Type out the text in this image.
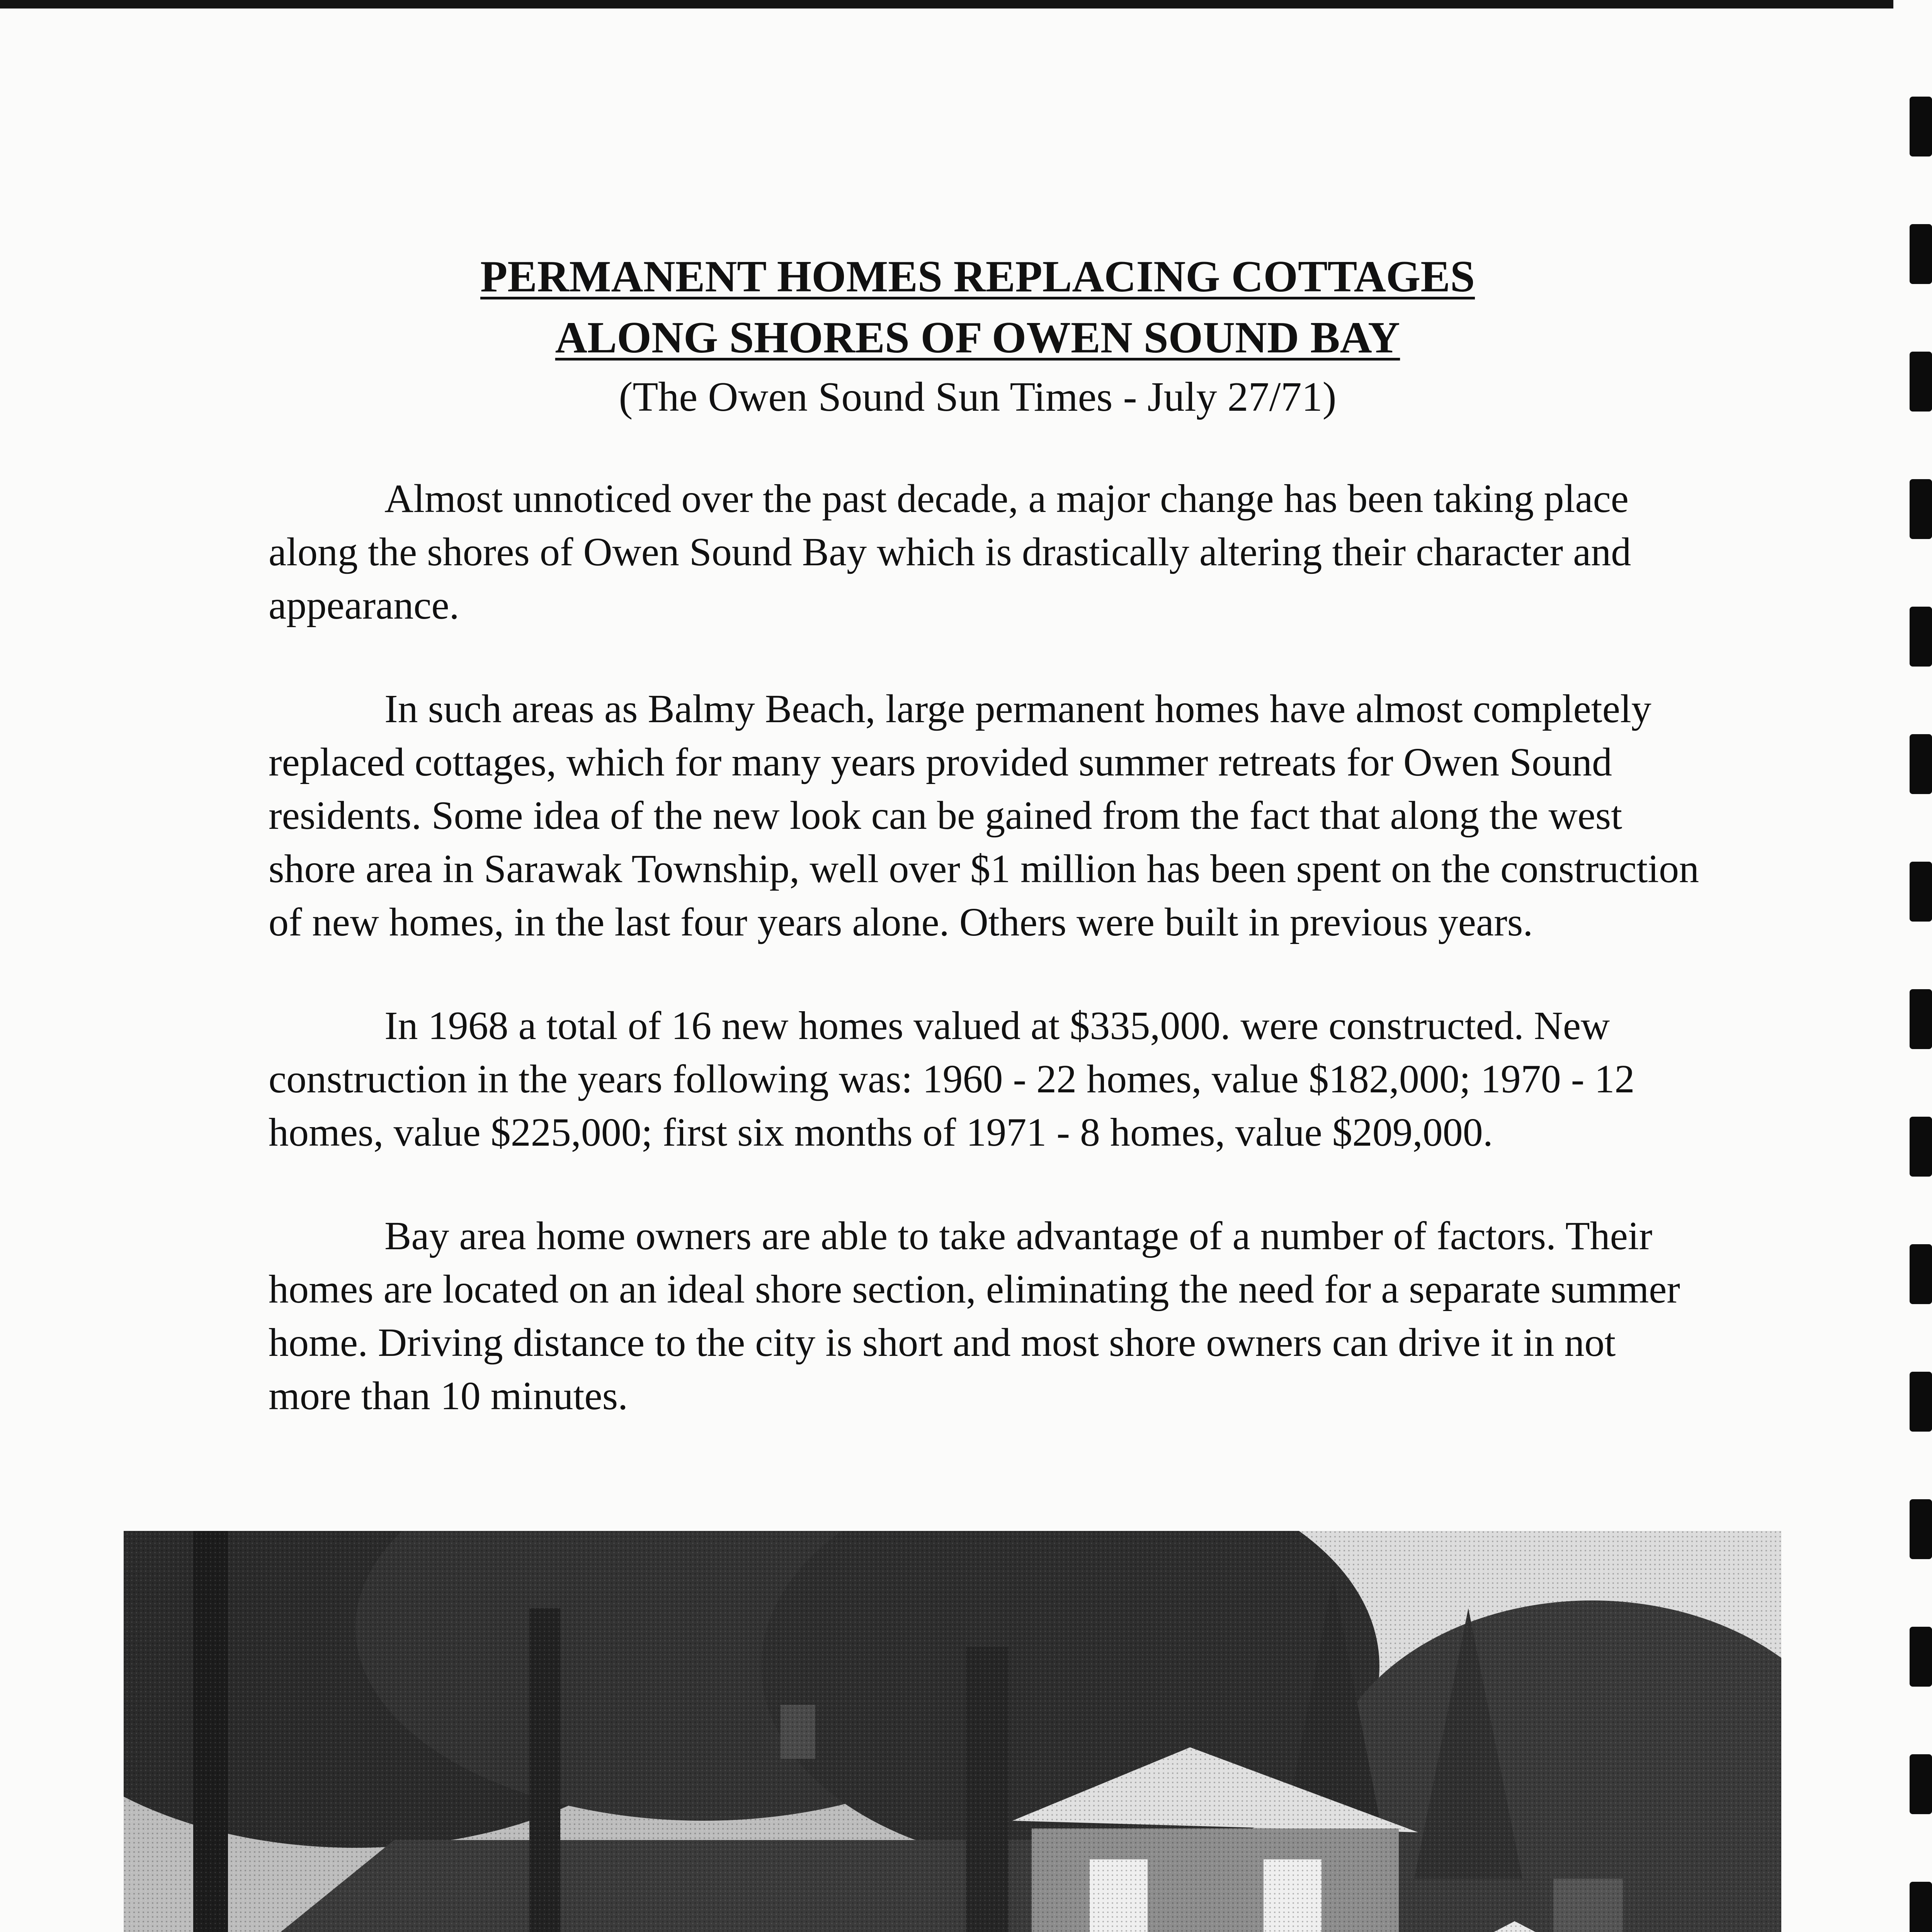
PERMANENT HOMES REPLACING COTTAGES
ALONG SHORES OF OWEN SOUND BAY
(The Owen Sound Sun Times - July 27/71)

Almost unnoticed over the past decade, a major change has been taking place along the shores of Owen Sound Bay which is drastically altering their character and appearance.

In such areas as Balmy Beach, large permanent homes have almost completely replaced cottages, which for many years provided summer retreats for Owen Sound residents. Some idea of the new look can be gained from the fact that along the west shore area in Sarawak Township, well over $1 million has been spent on the construction of new homes, in the last four years alone. Others were built in previous years.

In 1968 a total of 16 new homes valued at $335,000. were constructed. New construction in the years following was: 1960 - 22 homes, value $182,000; 1970 - 12 homes, value $225,000; first six months of 1971 - 8 homes, value $209,000.

Bay area home owners are able to take advantage of a number of factors. Their homes are located on an ideal shore section, eliminating the need for a separate summer home. Driving distance to the city is short and most shore owners can drive it in not more than 10 minutes.
